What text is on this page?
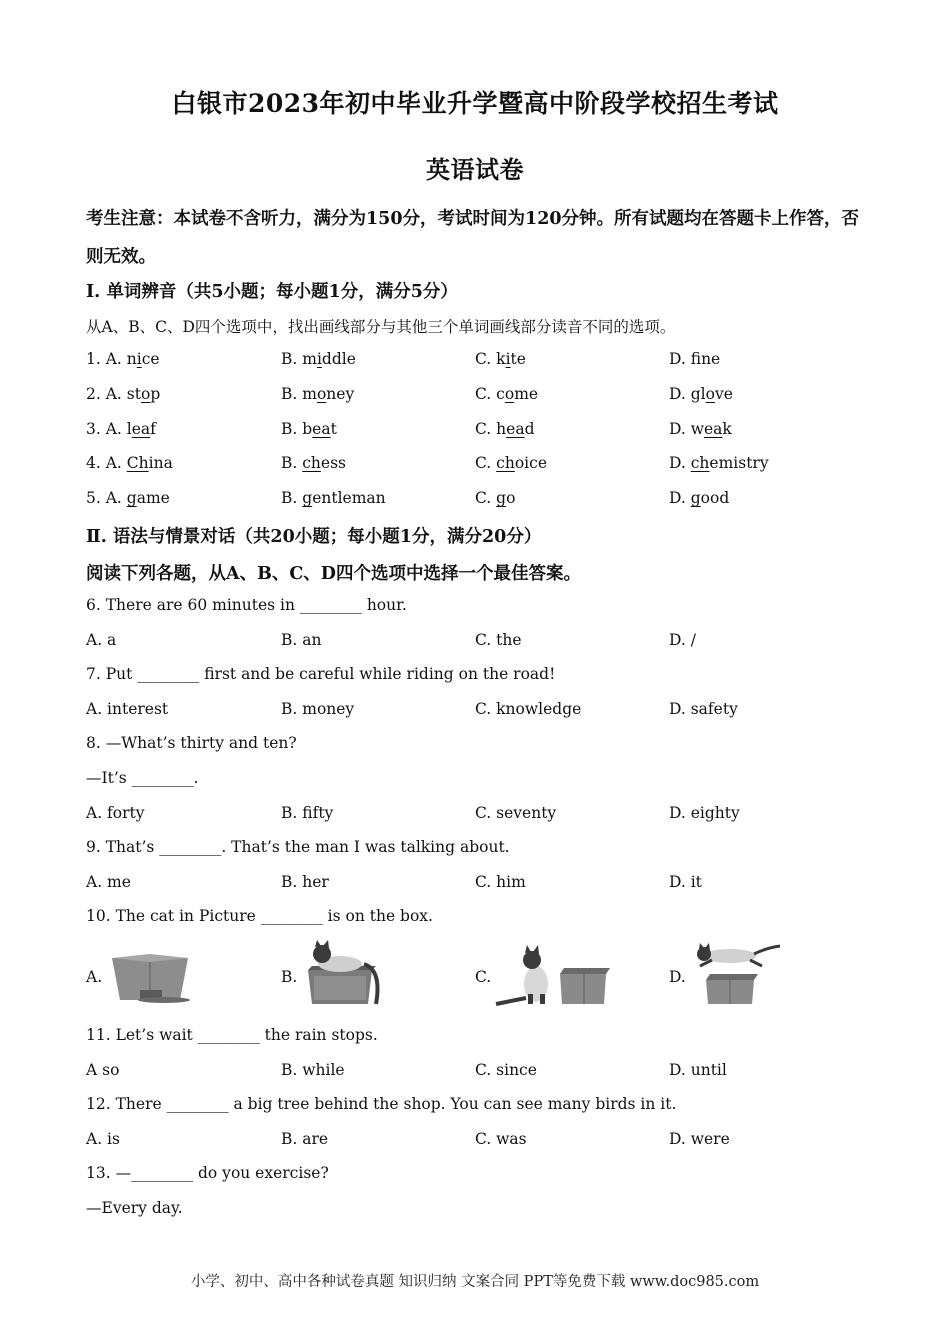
白银市2023年初中毕业升学暨高中阶段学校招生考试
英语试卷
考生注意：本试卷不含听力，满分为150分，考试时间为120分钟。所有试题均在答题卡上作答，否则无效。
Ⅰ. 单词辨音（共5小题；每小题1分，满分5分）
从A、B、C、D四个选项中，找出画线部分与其他三个单词画线部分读音不同的选项。
1. A. nice	B. middle	C. kite	D. fne
2. A. stop	B. money	C. come	D. glove
3. A. leaf	B. beat	C. head	D. weak
4. A. China	B. chess	C. choice	D. chemistry
5. A. game	B. gentleman	C. go	D. good
Ⅱ. 语法与情景对话（共20小题；每小题1分，满分20分）
阅读下列各题，从A、B、C、D四个选项中选择一个最佳答案。
6. There are 60 minutes in ________ hour.
A. a	B. an	C. the	D. /
7. Put ________ first and be careful while riding on the road!
A. interest	B. money	C. knowledge	D. safety
8. —What’s thirty and ten?
—It’s ________.
A. forty	B. fifty	C. seventy	D. eighty
9. That’s ________. That’s the man I was talking about.
A. me	B. her	C. him	D. it
10. The cat in Picture ________ is on the box.
A.	B.	C.	D.
11. Let’s wait ________ the rain stops.
A so	B. while	C. since	D. until
12. There ________ a big tree behind the shop. You can see many birds in it.
A. is	B. are	C. was	D. were
13. —________ do you exercise?
—Every day.
小学、初中、高中各种试卷真题 知识归纳 文案合同 PPT等免费下载 www.doc985.com
